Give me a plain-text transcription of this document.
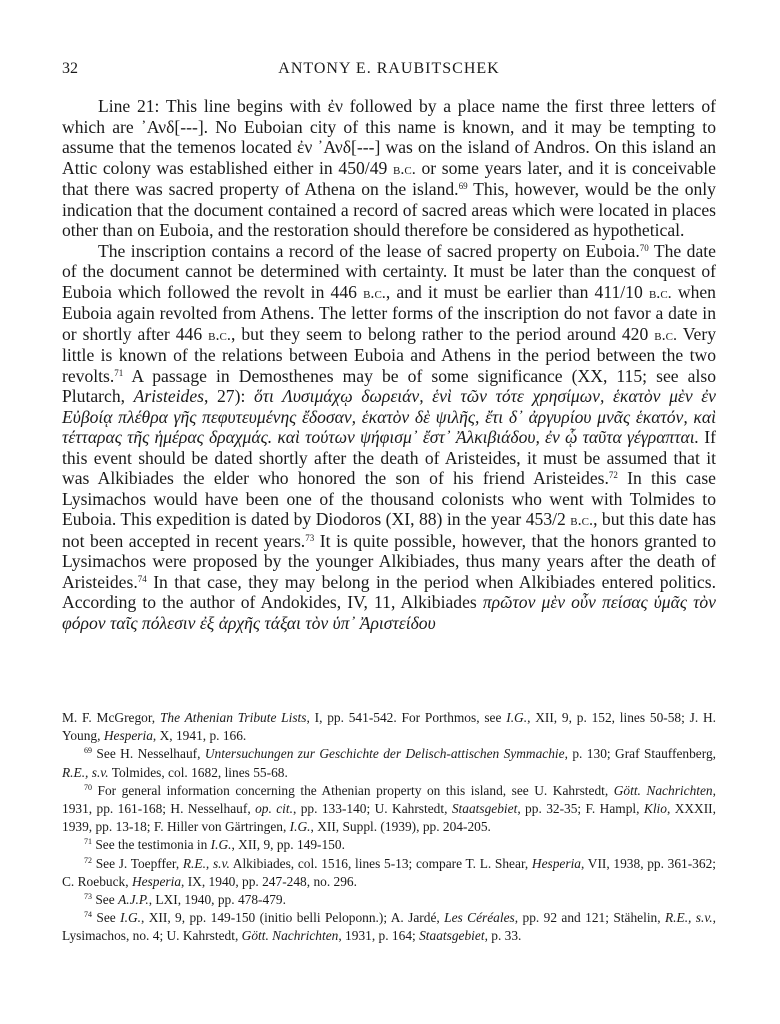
32	ANTONY E. RAUBITSCHEK

Line 21: This line begins with ἐν followed by a place name the first three letters of which are ᾽Ανδ[‑‑‑]. No Euboian city of this name is known, and it may be tempting to assume that the temenos located ἐν ᾽Ανδ[‑‑‑] was on the island of Andros. On this island an Attic colony was established either in 450/49 b.c. or some years later, and it is conceivable that there was sacred property of Athena on the island.$^{69}$ This, however, would be the only indication that the document contained a record of sacred areas which were located in places other than on Euboia, and the restoration should therefore be considered as hypothetical.

The inscription contains a record of the lease of sacred property on Euboia.$^{70}$ The date of the document cannot be determined with certainty. It must be later than the conquest of Euboia which followed the revolt in 446 b.c., and it must be earlier than 411/10 b.c. when Euboia again revolted from Athens. The letter forms of the inscription do not favor a date in or shortly after 446 b.c., but they seem to belong rather to the period around 420 b.c. Very little is known of the relations between Euboia and Athens in the period between the two revolts.$^{71}$ A passage in Demosthenes may be of some significance (XX, 115; see also Plutarch, Aristeides, 27): ὅτι Λυσιμάχῳ δωρειάν, ἑνὶ τῶν τότε χρησίμων, ἑκατὸν μὲν ἐν Εὐβοίᾳ πλέθρα γῆς πεφυτευμένης ἔδοσαν, ἑκατὸν δὲ ψιλῆς, ἔτι δ᾽ ἀργυρίου μνᾶς ἑκατόν, καὶ τέτταρας τῆς ἡμέρας δραχμάς. καὶ τούτων ψήφισμ᾽ ἔστ᾽ Ἀλκιβιάδου, ἐν ᾧ ταῦτα γέγραπται. If this event should be dated shortly after the death of Aristeides, it must be assumed that it was Alkibiades the elder who honored the son of his friend Aristeides.$^{72}$ In this case Lysimachos would have been one of the thousand colonists who went with Tolmides to Euboia. This expedition is dated by Diodoros (XI, 88) in the year 453/2 b.c., but this date has not been accepted in recent years.$^{73}$ It is quite possible, however, that the honors granted to Lysimachos were proposed by the younger Alkibiades, thus many years after the death of Aristeides.$^{74}$ In that case, they may belong in the period when Alkibiades entered politics. According to the author of Andokides, IV, 11, Alkibiades πρῶτον μὲν οὖν πείσας ὑμᾶς τὸν φόρον ταῖς πόλεσιν ἐξ ἀρχῆς τάξαι τὸν ὑπ᾽ Ἀριστείδου

M. F. McGregor, The Athenian Tribute Lists, I, pp. 541-542. For Porthmos, see I.G., XII, 9, p. 152, lines 50-58; J. H. Young, Hesperia, X, 1941, p. 166.

$^{69}$ See H. Nesselhauf, Untersuchungen zur Geschichte der Delisch-attischen Symmachie, p. 130; Graf Stauffenberg, R.E., s.v. Tolmides, col. 1682, lines 55-68.

$^{70}$ For general information concerning the Athenian property on this island, see U. Kahrstedt, Gött. Nachrichten, 1931, pp. 161-168; H. Nesselhauf, op. cit., pp. 133-140; U. Kahrstedt, Staatsgebiet, pp. 32-35; F. Hampl, Klio, XXXII, 1939, pp. 13-18; F. Hiller von Gärtringen, I.G., XII, Suppl. (1939), pp. 204-205.

$^{71}$ See the testimonia in I.G., XII, 9, pp. 149-150.

$^{72}$ See J. Toepffer, R.E., s.v. Alkibiades, col. 1516, lines 5-13; compare T. L. Shear, Hesperia, VII, 1938, pp. 361-362; C. Roebuck, Hesperia, IX, 1940, pp. 247-248, no. 296.

$^{73}$ See A.J.P., LXI, 1940, pp. 478-479.

$^{74}$ See I.G., XII, 9, pp. 149-150 (initio belli Peloponn.); A. Jardé, Les Céréales, pp. 92 and 121; Stähelin, R.E., s.v., Lysimachos, no. 4; U. Kahrstedt, Gött. Nachrichten, 1931, p. 164; Staatsgebiet, p. 33.
